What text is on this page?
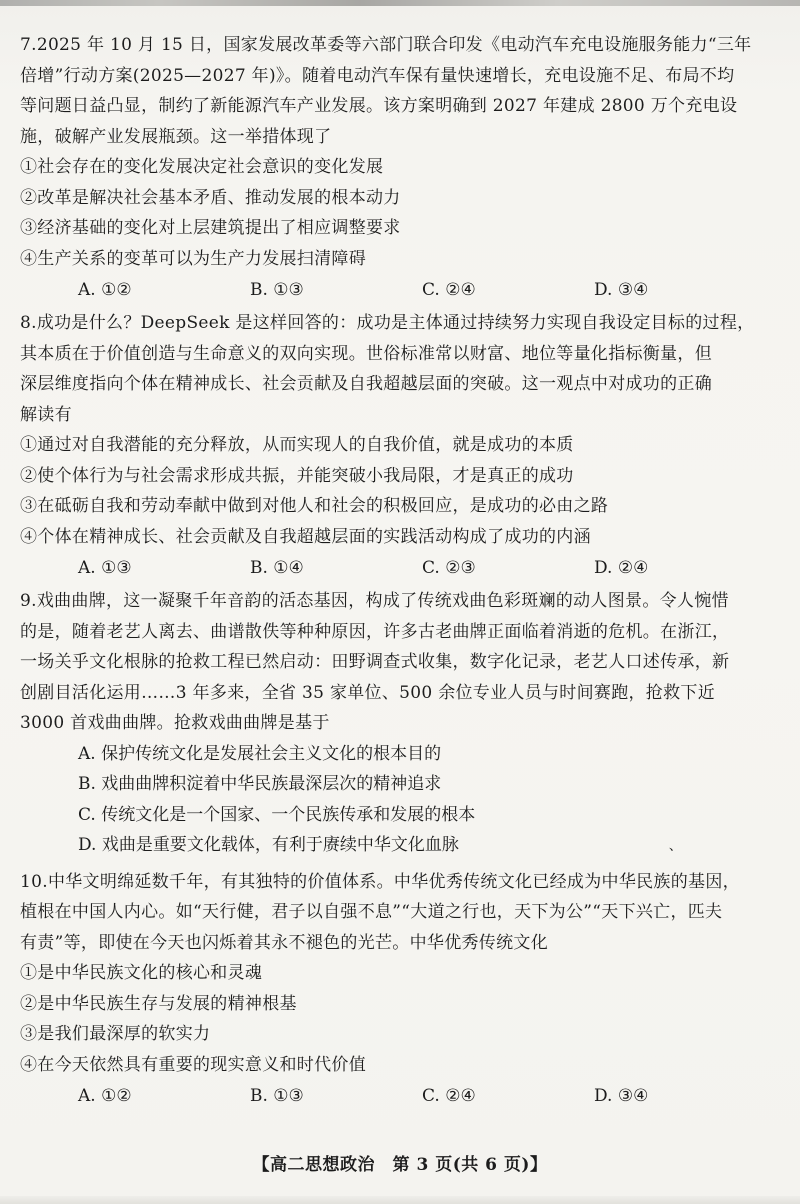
7.2025 年 10 月 15 日，国家发展改革委等六部门联合印发《电动汽车充电设施服务能力“三年
倍增”行动方案(2025—2027 年)》。随着电动汽车保有量快速增长，充电设施不足、布局不均
等问题日益凸显，制约了新能源汽车产业发展。该方案明确到 2027 年建成 2800 万个充电设
施，破解产业发展瓶颈。这一举措体现了

①社会存在的变化发展决定社会意识的变化发展

②改革是解决社会基本矛盾、推动发展的根本动力

③经济基础的变化对上层建筑提出了相应调整要求

④生产关系的变革可以为生产力发展扫清障碍

A. ①②	B. ①③	C. ②④	D. ③④

8.成功是什么？DeepSeek 是这样回答的：成功是主体通过持续努力实现自我设定目标的过程，
其本质在于价值创造与生命意义的双向实现。世俗标准常以财富、地位等量化指标衡量，但
深层维度指向个体在精神成长、社会贡献及自我超越层面的突破。这一观点中对成功的正确
解读有

①通过对自我潜能的充分释放，从而实现人的自我价值，就是成功的本质

②使个体行为与社会需求形成共振，并能突破小我局限，才是真正的成功

③在砥砺自我和劳动奉献中做到对他人和社会的积极回应，是成功的必由之路

④个体在精神成长、社会贡献及自我超越层面的实践活动构成了成功的内涵

A. ①③	B. ①④	C. ②③	D. ②④

9.戏曲曲牌，这一凝聚千年音韵的活态基因，构成了传统戏曲色彩斑斓的动人图景。令人惋惜
的是，随着老艺人离去、曲谱散佚等种种原因，许多古老曲牌正面临着消逝的危机。在浙江，
一场关乎文化根脉的抢救工程已然启动：田野调查式收集，数字化记录，老艺人口述传承，新
创剧目活化运用……3 年多来，全省 35 家单位、500 余位专业人员与时间赛跑，抢救下近
3000 首戏曲曲牌。抢救戏曲曲牌是基于

A. 保护传统文化是发展社会主义文化的根本目的

B. 戏曲曲牌积淀着中华民族最深层次的精神追求

C. 传统文化是一个国家、一个民族传承和发展的根本

D. 戏曲是重要文化载体，有利于赓续中华文化血脉	、

10.中华文明绵延数千年，有其独特的价值体系。中华优秀传统文化已经成为中华民族的基因，
植根在中国人内心。如“天行健，君子以自强不息”“大道之行也，天下为公”“天下兴亡，匹夫
有责”等，即使在今天也闪烁着其永不褪色的光芒。中华优秀传统文化

①是中华民族文化的核心和灵魂

②是中华民族生存与发展的精神根基

③是我们最深厚的软实力

④在今天依然具有重要的现实意义和时代价值

A. ①②	B. ①③	C. ②④	D. ③④
【高二思想政治　第 3 页(共 6 页)】
